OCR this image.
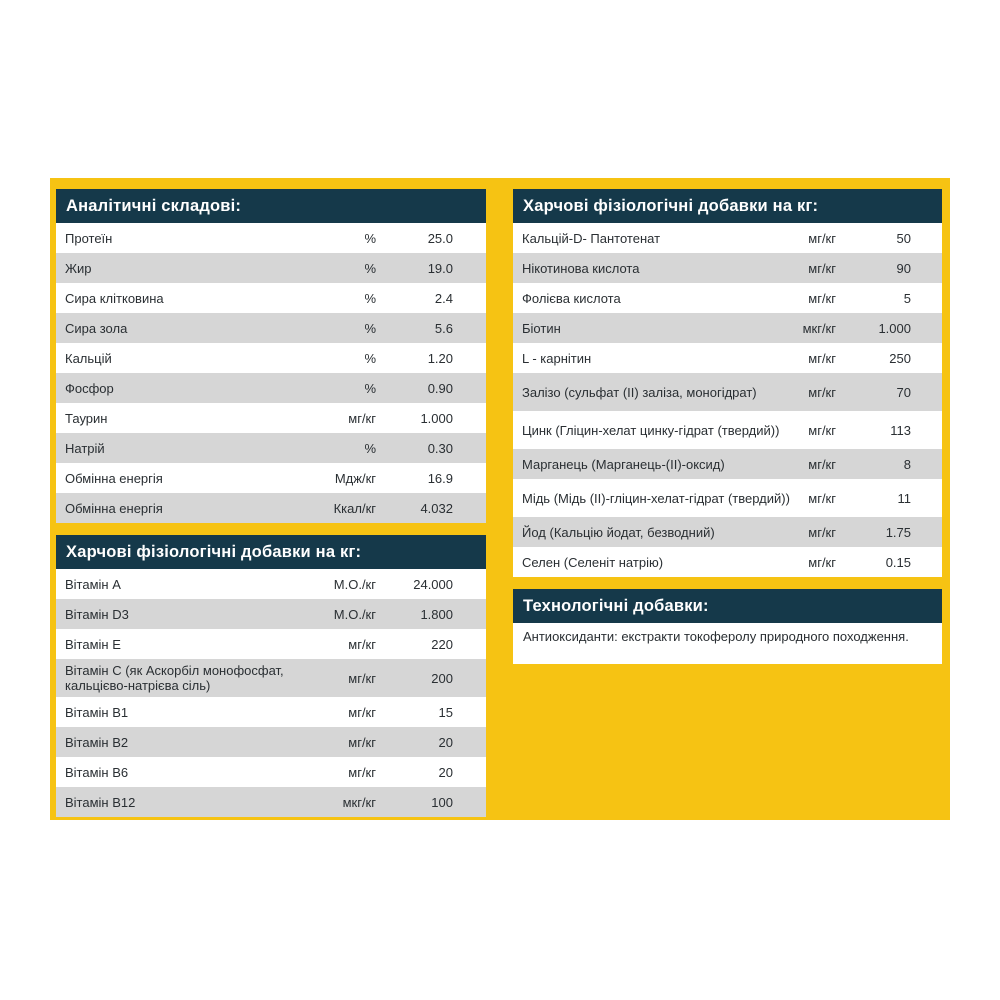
Аналітичні складові:
Протеїн	%	25.0
Жир	%	19.0
Сира клітковина	%	2.4
Сира зола	%	5.6
Кальцій	%	1.20
Фосфор	%	0.90
Таурин	мг/кг	1.000
Натрій	%	0.30
Обмінна енергія	Мдж/кг	16.9
Обмінна енергія	Ккал/кг	4.032
Харчові фізіологічні добавки на кг:
Вітамін А	М.О./кг	24.000
Вітамін D3	М.О./кг	1.800
Вітамін Е	мг/кг	220
Вітамін С (як Аскорбіл монофосфат, кальцієво-натрієва сіль)	мг/кг	200
Вітамін В1	мг/кг	15
Вітамін В2	мг/кг	20
Вітамін В6	мг/кг	20
Вітамін В12	мкг/кг	100
Харчові фізіологічні добавки на кг:
Кальцій-D- Пантотенат	мг/кг	50
Нікотинова кислота	мг/кг	90
Фолієва кислота	мг/кг	5
Біотин	мкг/кг	1.000
L - карнітин	мг/кг	250
Залізо (сульфат (II) заліза, моногідрат)	мг/кг	70
Цинк (Гліцин-хелат цинку-гідрат (твердий))	мг/кг	113
Марганець (Марганець-(II)-оксид)	мг/кг	8
Мідь (Мідь (II)-гліцин-хелат-гідрат (твердий))	мг/кг	11
Йод (Кальцію йодат, безводний)	мг/кг	1.75
Селен (Селеніт натрію)	мг/кг	0.15
Технологічні добавки:
Антиоксиданти: екстракти токоферолу природного походження.
